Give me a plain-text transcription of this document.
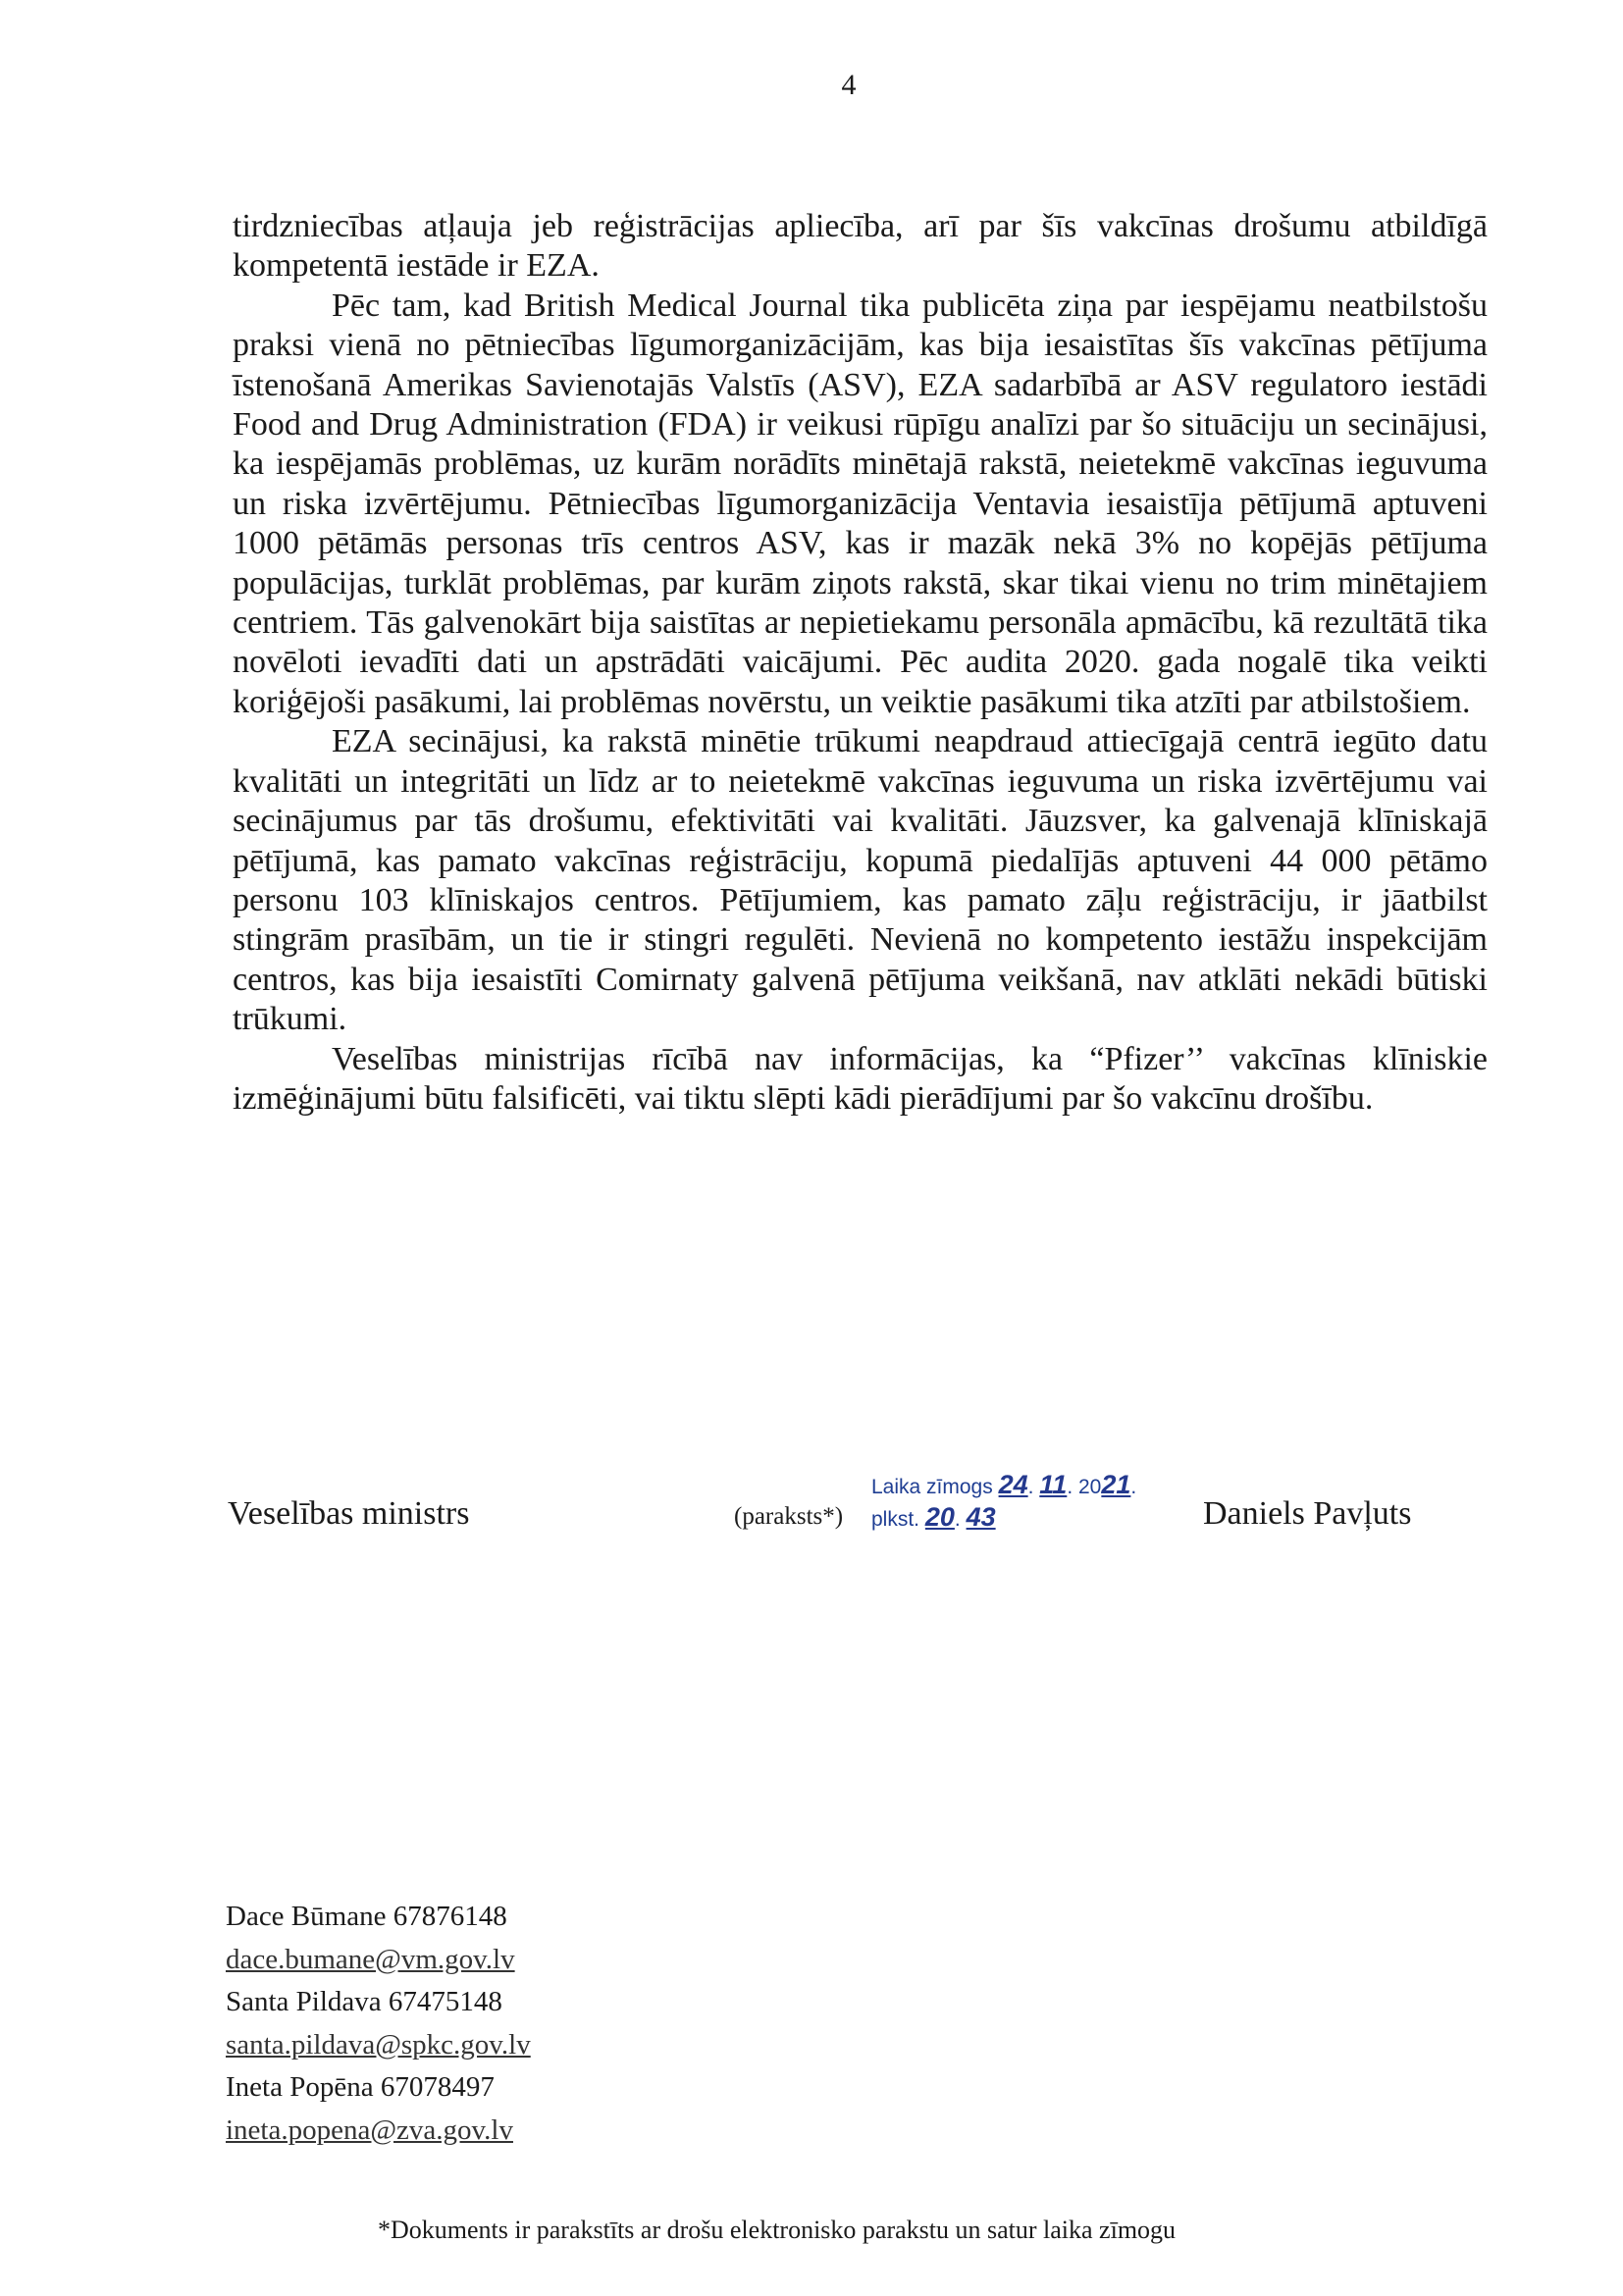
4

tirdzniecības atļauja jeb reģistrācijas apliecība, arī par šīs vakcīnas drošumu atbildīgā kompetentā iestāde ir EZA.

Pēc tam, kad British Medical Journal tika publicēta ziņa par iespējamu neatbilstošu praksi vienā no pētniecības līgumorganizācijām, kas bija iesaistītas šīs vakcīnas pētījuma īstenošanā Amerikas Savienotajās Valstīs (ASV), EZA sadarbībā ar ASV regulatoro iestādi Food and Drug Administration (FDA) ir veikusi rūpīgu analīzi par šo situāciju un secinājusi, ka iespējamās problēmas, uz kurām norādīts minētajā rakstā, neietekmē vakcīnas ieguvuma un riska izvērtējumu. Pētniecības līgumorganizācija Ventavia iesaistīja pētījumā aptuveni 1000 pētāmās personas trīs centros ASV, kas ir mazāk nekā 3% no kopējās pētījuma populācijas, turklāt problēmas, par kurām ziņots rakstā, skar tikai vienu no trim minētajiem centriem. Tās galvenokārt bija saistītas ar nepietiekamu personāla apmācību, kā rezultātā tika novēloti ievadīti dati un apstrādāti vaicājumi. Pēc audita 2020. gada nogalē tika veikti koriģējoši pasākumi, lai problēmas novērstu, un veiktie pasākumi tika atzīti par atbilstošiem.

EZA secinājusi, ka rakstā minētie trūkumi neapdraud attiecīgajā centrā iegūto datu kvalitāti un integritāti un līdz ar to neietekmē vakcīnas ieguvuma un riska izvērtējumu vai secinājumus par tās drošumu, efektivitāti vai kvalitāti. Jāuzsver, ka galvenajā klīniskajā pētījumā, kas pamato vakcīnas reģistrāciju, kopumā piedalījās aptuveni 44 000 pētāmo personu 103 klīniskajos centros. Pētījumiem, kas pamato zāļu reģistrāciju, ir jāatbilst stingrām prasībām, un tie ir stingri regulēti. Nevienā no kompetento iestāžu inspekcijām centros, kas bija iesaistīti Comirnaty galvenā pētījuma veikšanā, nav atklāti nekādi būtiski trūkumi.

Veselības ministrijas rīcībā nav informācijas, ka “Pfizer’’ vakcīnas klīniskie izmēģinājumi būtu falsificēti, vai tiktu slēpti kādi pierādījumi par šo vakcīnu drošību.

Veselības ministrs	(paraksts*)
Laika zīmogs 24. 11. 2021.
plkst. 20. 43	Daniels Pavļuts
Dace Būmane 67876148
dace.bumane@vm.gov.lv
Santa Pildava 67475148
santa.pildava@spkc.gov.lv
Ineta Popēna 67078497
ineta.popena@zva.gov.lv
*Dokuments ir parakstīts ar drošu elektronisko parakstu un satur laika zīmogu
